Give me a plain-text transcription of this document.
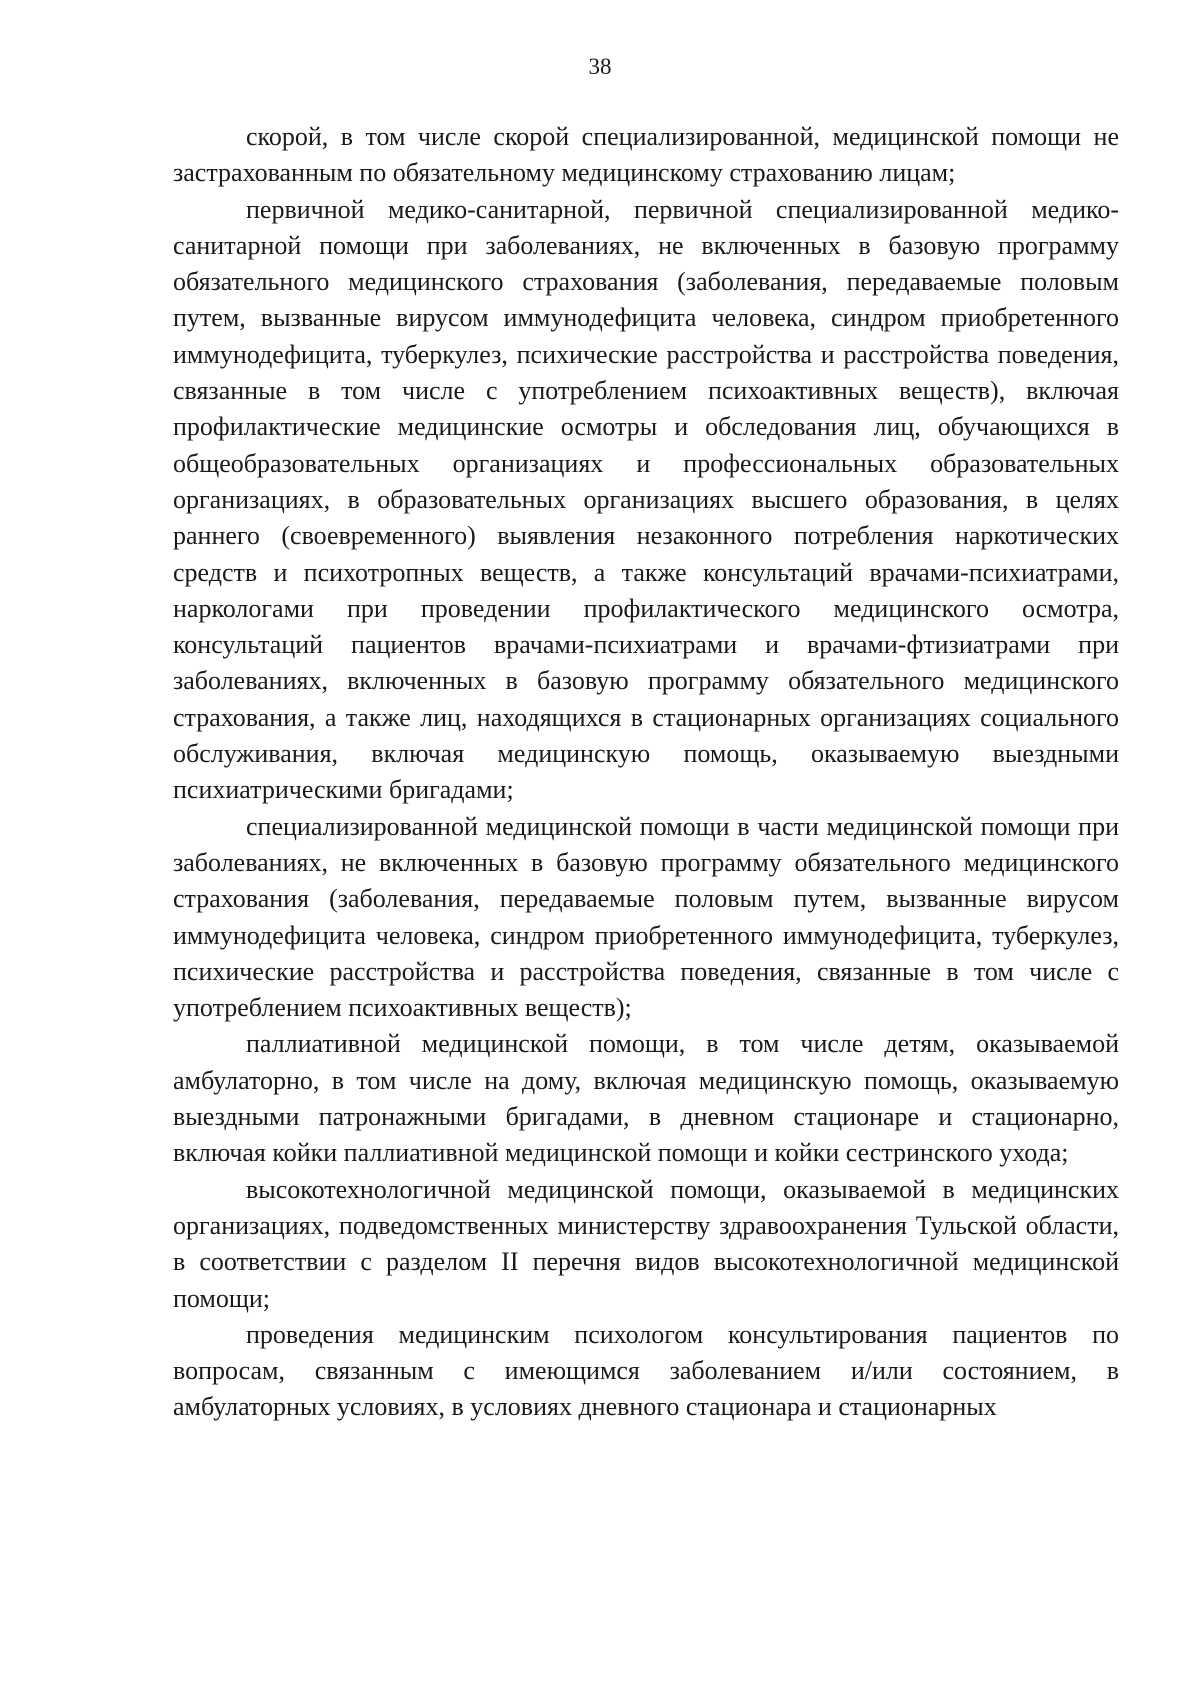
38

скорой, в том числе скорой специализированной, медицинской помощи не застрахованным по обязательному медицинскому страхованию лицам;

первичной медико-санитарной, первичной специализированной медико-санитарной помощи при заболеваниях, не включенных в базовую программу обязательного медицинского страхования (заболевания, передаваемые половым путем, вызванные вирусом иммунодефицита человека, синдром приобретенного иммунодефицита, туберкулез, психические расстройства и расстройства поведения, связанные в том числе с употреблением психоактивных веществ), включая профилактические медицинские осмотры и обследования лиц, обучающихся в общеобразовательных организациях и профессиональных образовательных организациях, в образовательных организациях высшего образования, в целях раннего (своевременного) выявления незаконного потребления наркотических средств и психотропных веществ, а также консультаций врачами-психиатрами, наркологами при проведении профилактического медицинского осмотра, консультаций пациентов врачами-психиатрами и врачами-фтизиатрами при заболеваниях, включенных в базовую программу обязательного медицинского страхования, а также лиц, находящихся в стационарных организациях социального обслуживания, включая медицинскую помощь, оказываемую выездными психиатрическими бригадами;

специализированной медицинской помощи в части медицинской помощи при заболеваниях, не включенных в базовую программу обязательного медицинского страхования (заболевания, передаваемые половым путем, вызванные вирусом иммунодефицита человека, синдром приобретенного иммунодефицита, туберкулез, психические расстройства и расстройства поведения, связанные в том числе с употреблением психоактивных веществ);

паллиативной медицинской помощи, в том числе детям, оказываемой амбулаторно, в том числе на дому, включая медицинскую помощь, оказываемую выездными патронажными бригадами, в дневном стационаре и стационарно, включая койки паллиативной медицинской помощи и койки сестринского ухода;

высокотехнологичной медицинской помощи, оказываемой в медицинских организациях, подведомственных министерству здравоохранения Тульской области, в соответствии с разделом II перечня видов высокотехнологичной медицинской помощи;

проведения медицинским психологом консультирования пациентов по вопросам, связанным с имеющимся заболеванием и/или состоянием, в амбулаторных условиях, в условиях дневного стационара и стационарных
